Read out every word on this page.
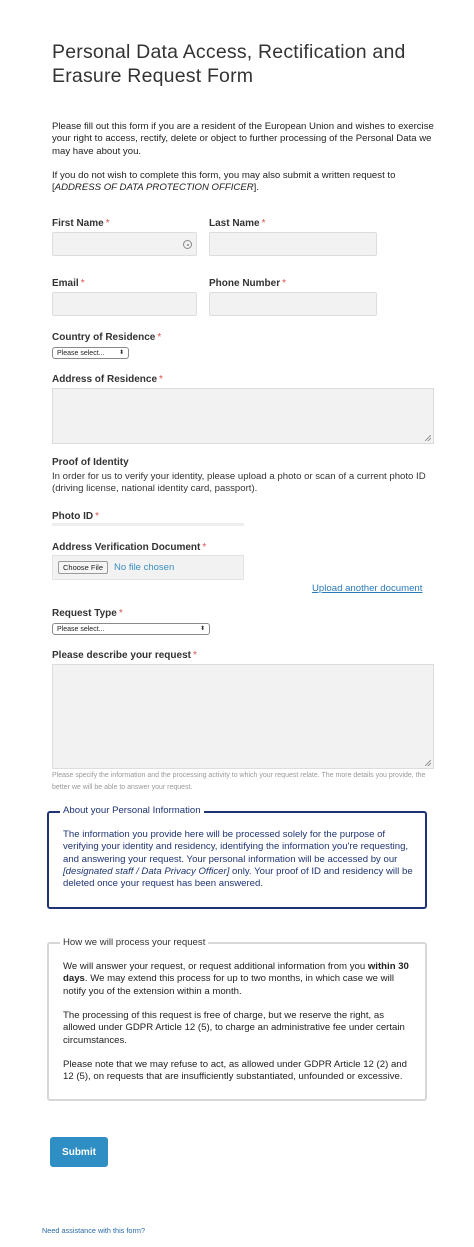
Personal Data Access, Rectification and Erasure Request Form

Please fill out this form if you are a resident of the European Union and wishes to exercise your right to access, rectify, delete or object to further processing of the Personal Data we may have about you.

If you do not wish to complete this form, you may also submit a written request to [ADDRESS OF DATA PROTECTION OFFICER].

First Name *	Last Name *
Email *	Phone Number *
Country of Residence *
Please select... ⬍
Address of Residence *
Proof of Identity

In order for us to verify your identity, please upload a photo or scan of a current photo ID (driving license, national identity card, passport).

Photo ID *
Address Verification Document *
Choose File	No file chosen
Upload another document
Request Type *
Please select...	⬍
Please describe your request *

Please specify the information and the processing activity to which your request relate. The more details you provide, the better we will be able to answer your request.

About your Personal Information

The information you provide here will be processed solely for the purpose of verifying your identity and residency, identifying the information you're requesting, and answering your request. Your personal information will be accessed by our [designated staff / Data Privacy Officer] only. Your proof of ID and residency will be deleted once your request has been answered.

How we will process your request

We will answer your request, or request additional information from you within 30 days. We may extend this process for up to two months, in which case we will notify you of the extension within a month.

The processing of this request is free of charge, but we reserve the right, as allowed under GDPR Article 12 (5), to charge an administrative fee under certain circumstances.

Please note that we may refuse to act, as allowed under GDPR Article 12 (2) and 12 (5), on requests that are insufficiently substantiated, unfounded or excessive.

Submit
Need assistance with this form?
